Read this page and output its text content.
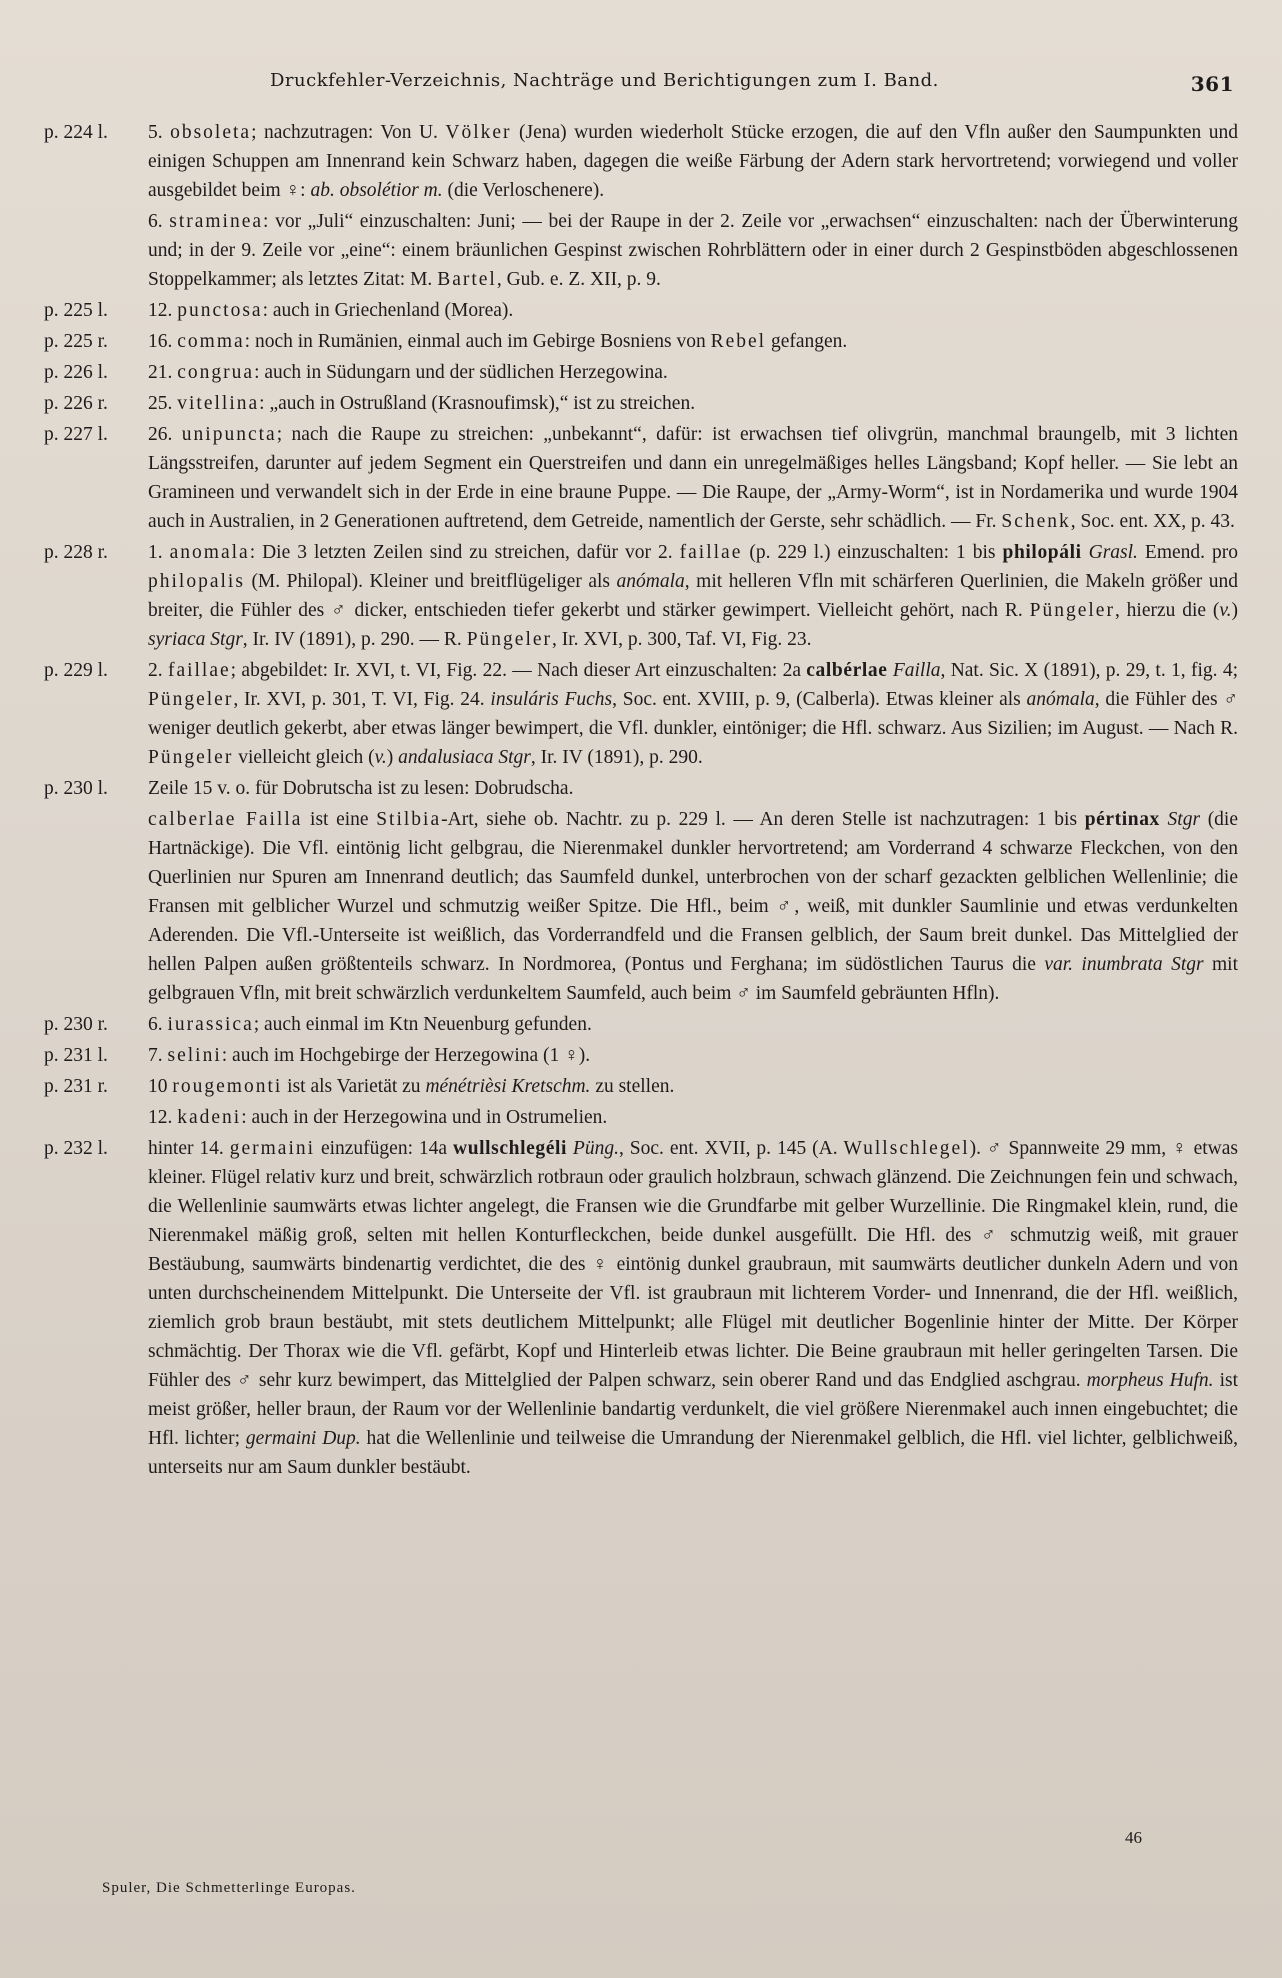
Druckfehler-Verzeichnis, Nachträge und Berichtigungen zum I. Band.	361
p. 224 l.	5. obsoleta; nachzutragen: Von U. Völker (Jena) wurden wiederholt Stücke erzogen, die auf den Vfln außer den Saumpunkten und einigen Schuppen am Innenrand kein Schwarz haben, dagegen die weiße Färbung der Adern stark hervortretend; vorwiegend und voller ausgebildet beim ♀: ab. obsolétior m. (die Verloschenere).
6. straminea: vor „Juli“ einzuschalten: Juni; — bei der Raupe in der 2. Zeile vor „erwachsen“ einzuschalten: nach der Überwinterung und; in der 9. Zeile vor „eine“: einem bräunlichen Gespinst zwischen Rohrblättern oder in einer durch 2 Gespinstböden abgeschlossenen Stoppelkammer; als letztes Zitat: M. Bartel, Gub. e. Z. XII, p. 9.
p. 225 l.	12. punctosa: auch in Griechenland (Morea).
p. 225 r.	16. comma: noch in Rumänien, einmal auch im Gebirge Bosniens von Rebel gefangen.
p. 226 l.	21. congrua: auch in Südungarn und der südlichen Herzegowina.
p. 226 r.	25. vitellina: „auch in Ostrußland (Krasnoufimsk),“ ist zu streichen.
p. 227 l.	26. unipuncta; nach die Raupe zu streichen: „unbekannt“, dafür: ist erwachsen tief olivgrün, manchmal braungelb, mit 3 lichten Längsstreifen, darunter auf jedem Segment ein Querstreifen und dann ein unregelmäßiges helles Längsband; Kopf heller. — Sie lebt an Gramineen und verwandelt sich in der Erde in eine braune Puppe. — Die Raupe, der „Army-Worm“, ist in Nordamerika und wurde 1904 auch in Australien, in 2 Generationen auftretend, dem Getreide, namentlich der Gerste, sehr schädlich. — Fr. Schenk, Soc. ent. XX, p. 43.
p. 228 r.	1. anomala: Die 3 letzten Zeilen sind zu streichen, dafür vor 2. faillae (p. 229 l.) einzuschalten: 1 bis philopáli Grasl. Emend. pro philopalis (M. Philopal). Kleiner und breitflügeliger als anómala, mit helleren Vfln mit schärferen Querlinien, die Makeln größer und breiter, die Fühler des ♂ dicker, entschieden tiefer gekerbt und stärker gewimpert. Vielleicht gehört, nach R. Püngeler, hierzu die (v.) syriaca Stgr, Ir. IV (1891), p. 290. — R. Püngeler, Ir. XVI, p. 300, Taf. VI, Fig. 23.
p. 229 l.	2. faillae; abgebildet: Ir. XVI, t. VI, Fig. 22. — Nach dieser Art einzuschalten: 2a calbérlae Failla, Nat. Sic. X (1891), p. 29, t. 1, fig. 4; Püngeler, Ir. XVI, p. 301, T. VI, Fig. 24. insuláris Fuchs, Soc. ent. XVIII, p. 9, (Calberla). Etwas kleiner als anómala, die Fühler des ♂ weniger deutlich gekerbt, aber etwas länger bewimpert, die Vfl. dunkler, eintöniger; die Hfl. schwarz. Aus Sizilien; im August. — Nach R. Püngeler vielleicht gleich (v.) andalusiaca Stgr, Ir. IV (1891), p. 290.
p. 230 l.	Zeile 15 v. o. für Dobrutscha ist zu lesen: Dobrudscha.
calberlae Failla ist eine Stilbia-Art, siehe ob. Nachtr. zu p. 229 l. — An deren Stelle ist nachzutragen: 1 bis pértinax Stgr (die Hartnäckige). Die Vfl. eintönig licht gelbgrau, die Nierenmakel dunkler hervortretend; am Vorderrand 4 schwarze Fleckchen, von den Querlinien nur Spuren am Innenrand deutlich; das Saumfeld dunkel, unterbrochen von der scharf gezackten gelblichen Wellenlinie; die Fransen mit gelblicher Wurzel und schmutzig weißer Spitze. Die Hfl., beim ♂, weiß, mit dunkler Saumlinie und etwas verdunkelten Aderenden. Die Vfl.-Unterseite ist weißlich, das Vorderrandfeld und die Fransen gelblich, der Saum breit dunkel. Das Mittelglied der hellen Palpen außen größtenteils schwarz. In Nordmorea, (Pontus und Ferghana; im südöstlichen Taurus die var. inumbrata Stgr mit gelbgrauen Vfln, mit breit schwärzlich verdunkeltem Saumfeld, auch beim ♂ im Saumfeld gebräunten Hfln).
p. 230 r.	6. iurassica; auch einmal im Ktn Neuenburg gefunden.
p. 231 l.	7. selini: auch im Hochgebirge der Herzegowina (1 ♀).
p. 231 r.	10 rougemonti ist als Varietät zu ménétrièsi Kretschm. zu stellen.
12. kadeni: auch in der Herzegowina und in Ostrumelien.
p. 232 l.	hinter 14. germaini einzufügen: 14a wullschlegéli Püng., Soc. ent. XVII, p. 145 (A. Wullschlegel). ♂ Spannweite 29 mm, ♀ etwas kleiner. Flügel relativ kurz und breit, schwärzlich rotbraun oder graulich holzbraun, schwach glänzend. Die Zeichnungen fein und schwach, die Wellenlinie saumwärts etwas lichter angelegt, die Fransen wie die Grundfarbe mit gelber Wurzellinie. Die Ringmakel klein, rund, die Nierenmakel mäßig groß, selten mit hellen Konturfleckchen, beide dunkel ausgefüllt. Die Hfl. des ♂ schmutzig weiß, mit grauer Bestäubung, saumwärts bindenartig verdichtet, die des ♀ eintönig dunkel graubraun, mit saumwärts deutlicher dunkeln Adern und von unten durchscheinendem Mittelpunkt. Die Unterseite der Vfl. ist graubraun mit lichterem Vorder- und Innenrand, die der Hfl. weißlich, ziemlich grob braun bestäubt, mit stets deutlichem Mittelpunkt; alle Flügel mit deutlicher Bogenlinie hinter der Mitte. Der Körper schmächtig. Der Thorax wie die Vfl. gefärbt, Kopf und Hinterleib etwas lichter. Die Beine graubraun mit heller geringelten Tarsen. Die Fühler des ♂ sehr kurz bewimpert, das Mittelglied der Palpen schwarz, sein oberer Rand und das Endglied aschgrau. morpheus Hufn. ist meist größer, heller braun, der Raum vor der Wellenlinie bandartig verdunkelt, die viel größere Nierenmakel auch innen eingebuchtet; die Hfl. lichter; germaini Dup. hat die Wellenlinie und teilweise die Umrandung der Nierenmakel gelblich, die Hfl. viel lichter, gelblichweiß, unterseits nur am Saum dunkler bestäubt.
46
Spuler, Die Schmetterlinge Europas.
